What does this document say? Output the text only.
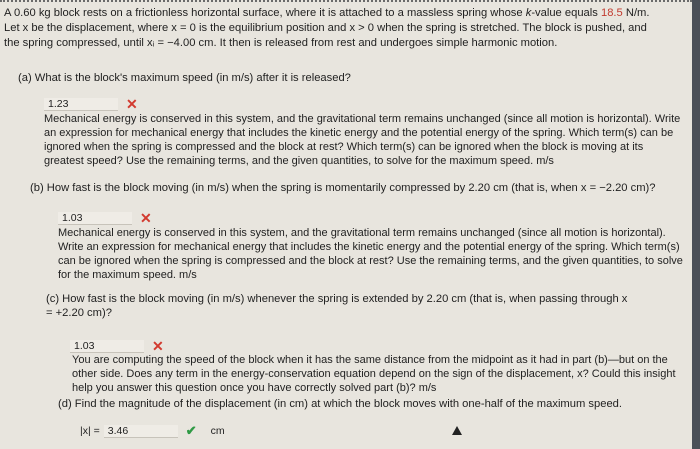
A 0.60 kg block rests on a frictionless horizontal surface, where it is attached to a massless spring whose k-value equals 18.5 N/m.
Let x be the displacement, where x = 0 is the equilibrium position and x > 0 when the spring is stretched. The block is pushed, and
the spring compressed, until xᵢ = −4.00 cm. It then is released from rest and undergoes simple harmonic motion.
(a) What is the block's maximum speed (in m/s) after it is released?
1.23	✕
Mechanical energy is conserved in this system, and the gravitational term remains unchanged (since all motion is horizontal). Write an expression for mechanical energy that includes the kinetic energy and the potential energy of the spring. Which term(s) can be ignored when the spring is compressed and the block at rest? Which term(s) can be ignored when the block is moving at its greatest speed? Use the remaining terms, and the given quantities, to solve for the maximum speed. m/s
(b) How fast is the block moving (in m/s) when the spring is momentarily compressed by 2.20 cm (that is, when x = −2.20 cm)?
1.03	✕
Mechanical energy is conserved in this system, and the gravitational term remains unchanged (since all motion is horizontal). Write an expression for mechanical energy that includes the kinetic energy and the potential energy of the spring. Which term(s) can be ignored when the spring is compressed and the block at rest? Use the remaining terms, and the given quantities, to solve for the maximum speed. m/s
(c) How fast is the block moving (in m/s) whenever the spring is extended by 2.20 cm (that is, when passing through x = +2.20 cm)?
1.03	✕
You are computing the speed of the block when it has the same distance from the midpoint as it had in part (b)—but on the other side. Does any term in the energy-conservation equation depend on the sign of the displacement, x? Could this insight help you answer this question once you have correctly solved part (b)? m/s
(d) Find the magnitude of the displacement (in cm) at which the block moves with one-half of the maximum speed.
|x| = 3.46	✔ cm
